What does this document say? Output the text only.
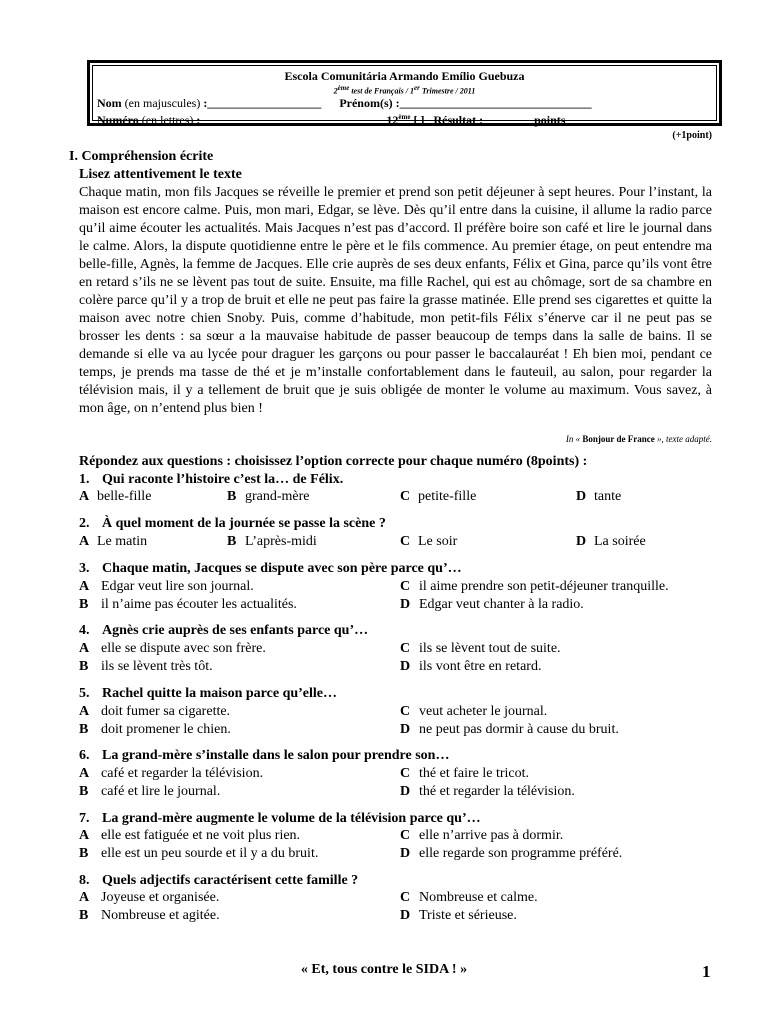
Escola Comunitária Armando Emílio Guebuza
2ème test de Français / 1er Trimestre / 2011
Nom (en majuscules) :___________________ Prénom(s) :________________________________
Numéro (en lettres) :_____________________________ 12ème [ ] Résultat :________ points
(+1point)
I. Compréhension écrite
Lisez attentivement le texte
Chaque matin, mon fils Jacques se réveille le premier et prend son petit déjeuner à sept heures. Pour l’instant, la maison est encore calme. Puis, mon mari, Edgar, se lève. Dès qu’il entre dans la cuisine, il allume la radio parce qu’il aime écouter les actualités. Mais Jacques n’est pas d’accord. Il préfère boire son café et lire le journal dans le calme. Alors, la dispute quotidienne entre le père et le fils commence. Au premier étage, on peut entendre ma belle-fille, Agnès, la femme de Jacques. Elle crie auprès de ses deux enfants, Félix et Gina, parce qu’ils vont être en retard s’ils ne se lèvent pas tout de suite. Ensuite, ma fille Rachel, qui est au chômage, sort de sa chambre en colère parce qu’il y a trop de bruit et elle ne peut pas faire la grasse matinée. Elle prend ses cigarettes et quitte la maison avec notre chien Snoby. Puis, comme d’habitude, mon petit-fils Félix s’énerve car il ne peut pas se brosser les dents : sa sœur a la mauvaise habitude de passer beaucoup de temps dans la salle de bains. Il se demande si elle va au lycée pour draguer les garçons ou pour passer le baccalauréat ! Eh bien moi, pendant ce temps, je prends ma tasse de thé et je m’installe confortablement dans le fauteuil, au salon, pour regarder la télévision mais, il y a tellement de bruit que je suis obligée de monter le volume au maximum. Vous savez, à mon âge, on n’entend plus bien !
In « Bonjour de France », texte adapté.
Répondez aux questions : choisissez l’option correcte pour chaque numéro (8points) :
1. Qui raconte l’histoire c’est la… de Félix.
A belle-fille	B grand-mère	C petite-fille	D tante
2. À quel moment de la journée se passe la scène ?
A Le matin	B L’après-midi	C Le soir	D La soirée
3. Chaque matin, Jacques se dispute avec son père parce qu’…
A Edgar veut lire son journal.
B il n’aime pas écouter les actualités.
C il aime prendre son petit-déjeuner tranquille.
D Edgar veut chanter à la radio.
4. Agnès crie auprès de ses enfants parce qu’…
A elle se dispute avec son frère.
B ils se lèvent très tôt.
C ils se lèvent tout de suite.
D ils vont être en retard.
5. Rachel quitte la maison parce qu’elle…
A doit fumer sa cigarette.
B doit promener le chien.
C veut acheter le journal.
D ne peut pas dormir à cause du bruit.
6. La grand-mère s’installe dans le salon pour prendre son…
A café et regarder la télévision.
B café et lire le journal.
C thé et faire le tricot.
D thé et regarder la télévision.
7. La grand-mère augmente le volume de la télévision parce qu’…
A elle est fatiguée et ne voit plus rien.
B elle est un peu sourde et il y a du bruit.
C elle n’arrive pas à dormir.
D elle regarde son programme préféré.
8. Quels adjectifs caractérisent cette famille ?
A Joyeuse et organisée.
B Nombreuse et agitée.
C Nombreuse et calme.
D Triste et sérieuse.
« Et, tous contre le SIDA ! »	1
